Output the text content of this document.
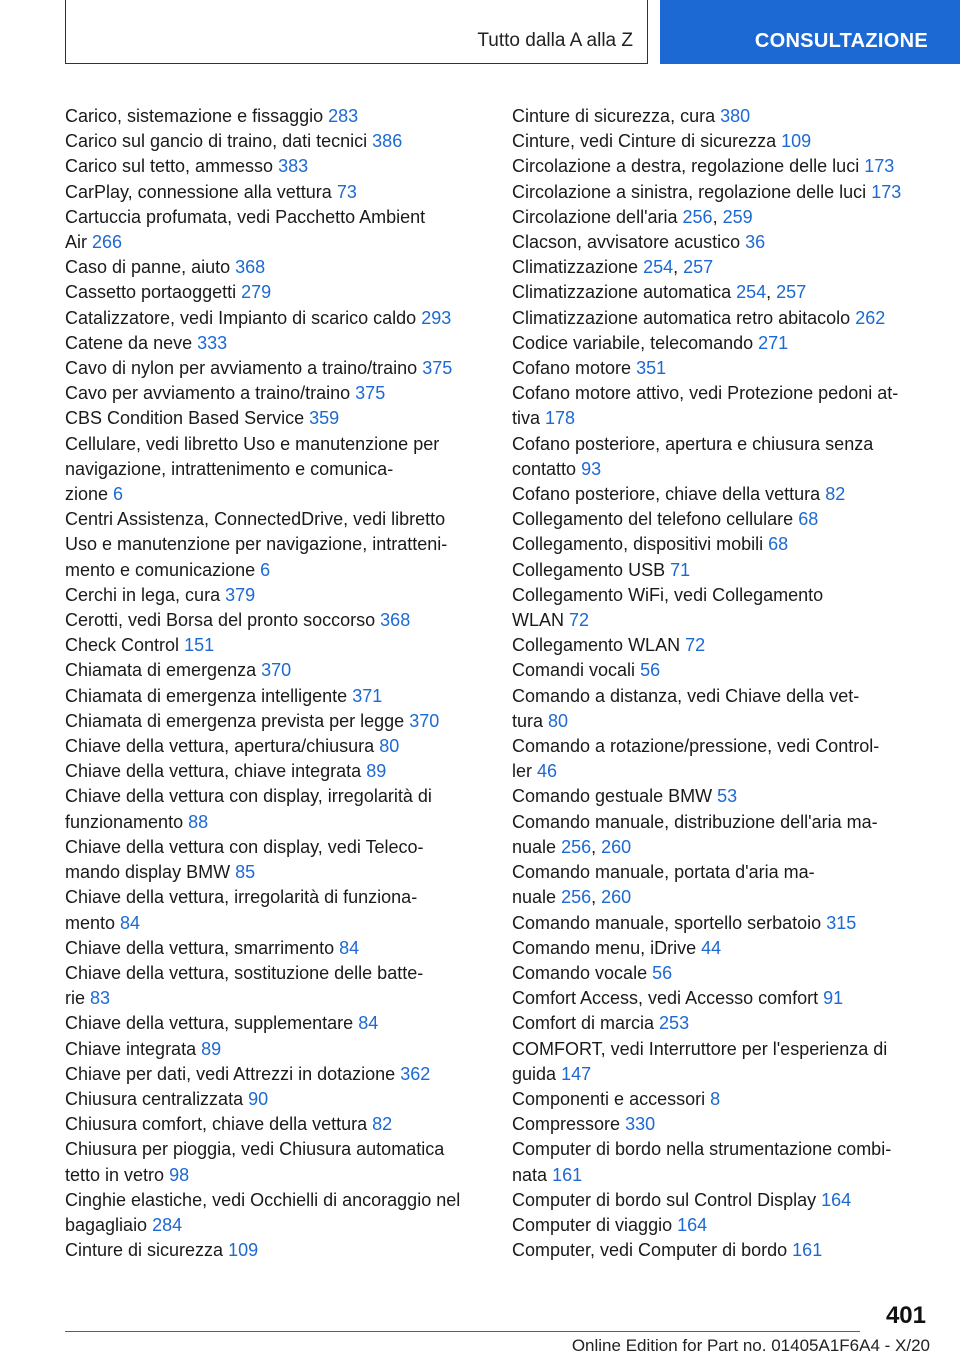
Tutto dalla A alla Z	CONSULTAZIONE
Carico, sistemazione e fissaggio 283
Carico sul gancio di traino, dati tecnici 386
Carico sul tetto, ammesso 383
CarPlay, connessione alla vettura 73
Cartuccia profumata, vedi Pacchetto Ambient
Air 266
Caso di panne, aiuto 368
Cassetto portaoggetti 279
Catalizzatore, vedi Impianto di scarico caldo 293
Catene da neve 333
Cavo di nylon per avviamento a traino/traino 375
Cavo per avviamento a traino/traino 375
CBS Condition Based Service 359
Cellulare, vedi libretto Uso e manutenzione per
navigazione, intrattenimento e comunica-
zione 6
Centri Assistenza, ConnectedDrive, vedi libretto
Uso e manutenzione per navigazione, intratteni-
mento e comunicazione 6
Cerchi in lega, cura 379
Cerotti, vedi Borsa del pronto soccorso 368
Check Control 151
Chiamata di emergenza 370
Chiamata di emergenza intelligente 371
Chiamata di emergenza prevista per legge 370
Chiave della vettura, apertura/chiusura 80
Chiave della vettura, chiave integrata 89
Chiave della vettura con display, irregolarità di
funzionamento 88
Chiave della vettura con display, vedi Teleco-
mando display BMW 85
Chiave della vettura, irregolarità di funziona-
mento 84
Chiave della vettura, smarrimento 84
Chiave della vettura, sostituzione delle batte-
rie 83
Chiave della vettura, supplementare 84
Chiave integrata 89
Chiave per dati, vedi Attrezzi in dotazione 362
Chiusura centralizzata 90
Chiusura comfort, chiave della vettura 82
Chiusura per pioggia, vedi Chiusura automatica
tetto in vetro 98
Cinghie elastiche, vedi Occhielli di ancoraggio nel
bagagliaio 284
Cinture di sicurezza 109
Cinture di sicurezza, cura 380
Cinture, vedi Cinture di sicurezza 109
Circolazione a destra, regolazione delle luci 173
Circolazione a sinistra, regolazione delle luci 173
Circolazione dell'aria 256, 259
Clacson, avvisatore acustico 36
Climatizzazione 254, 257
Climatizzazione automatica 254, 257
Climatizzazione automatica retro abitacolo 262
Codice variabile, telecomando 271
Cofano motore 351
Cofano motore attivo, vedi Protezione pedoni at-
tiva 178
Cofano posteriore, apertura e chiusura senza
contatto 93
Cofano posteriore, chiave della vettura 82
Collegamento del telefono cellulare 68
Collegamento, dispositivi mobili 68
Collegamento USB 71
Collegamento WiFi, vedi Collegamento
WLAN 72
Collegamento WLAN 72
Comandi vocali 56
Comando a distanza, vedi Chiave della vet-
tura 80
Comando a rotazione/pressione, vedi Control-
ler 46
Comando gestuale BMW 53
Comando manuale, distribuzione dell'aria ma-
nuale 256, 260
Comando manuale, portata d'aria ma-
nuale 256, 260
Comando manuale, sportello serbatoio 315
Comando menu, iDrive 44
Comando vocale 56
Comfort Access, vedi Accesso comfort 91
Comfort di marcia 253
COMFORT, vedi Interruttore per l'esperienza di
guida 147
Componenti e accessori 8
Compressore 330
Computer di bordo nella strumentazione combi-
nata 161
Computer di bordo sul Control Display 164
Computer di viaggio 164
Computer, vedi Computer di bordo 161
401
Online Edition for Part no. 01405A1F6A4 - X/20
